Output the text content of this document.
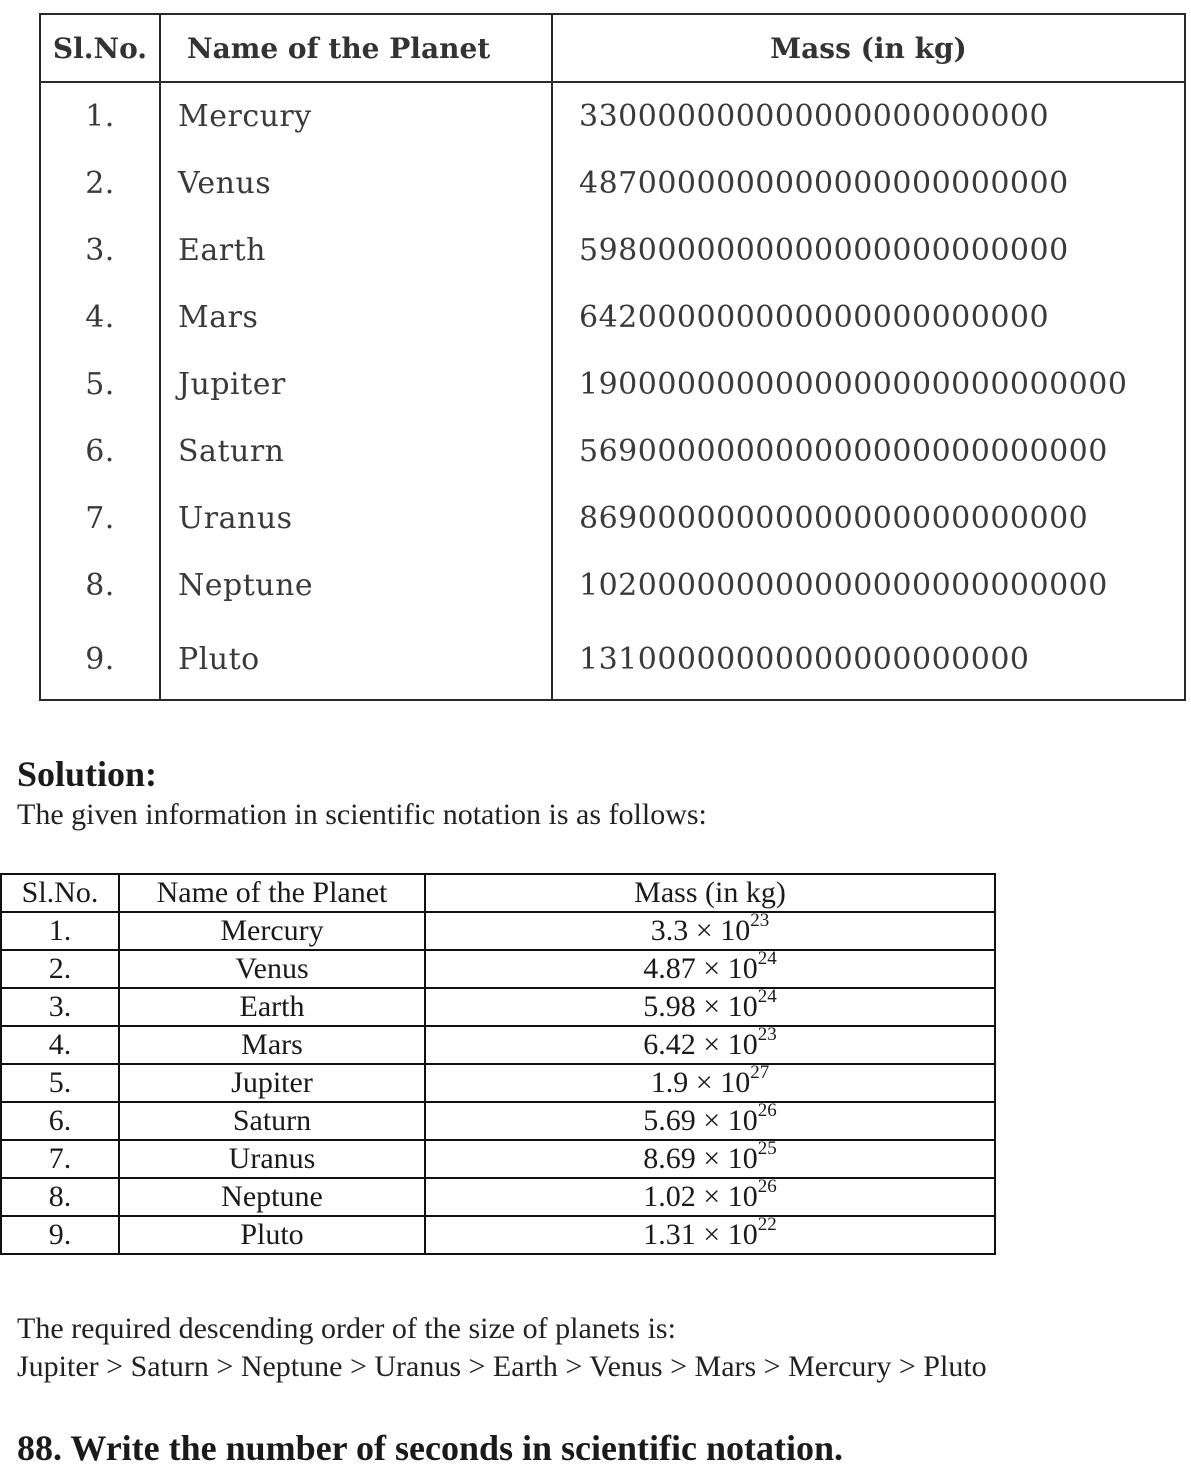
Sl.No.	Name of the Planet	Mass (in kg)
1.	Mercury	330000000000000000000000
2.	Venus	4870000000000000000000000
3.	Earth	5980000000000000000000000
4.	Mars	642000000000000000000000
5.	Jupiter	1900000000000000000000000000
6.	Saturn	569000000000000000000000000
7.	Uranus	86900000000000000000000000
8.	Neptune	102000000000000000000000000
9.	Pluto	13100000000000000000000
Solution:

The given information in scientific notation is as follows:

Sl.No.	Name of the Planet	Mass (in kg)
1.	Mercury	$3.3 \times 10^{23}$
2.	Venus	$4.87 \times 10^{24}$
3.	Earth	$5.98 \times 10^{24}$
4.	Mars	$6.42 \times 10^{23}$
5.	Jupiter	$1.9 \times 10^{27}$
6.	Saturn	$5.69 \times 10^{26}$
7.	Uranus	$8.69 \times 10^{25}$
8.	Neptune	$1.02 \times 10^{26}$
9.	Pluto	$1.31 \times 10^{22}$

The required descending order of the size of planets is:

Jupiter > Saturn > Neptune > Uranus > Earth > Venus > Mars > Mercury > Pluto

88. Write the number of seconds in scientific notation.
